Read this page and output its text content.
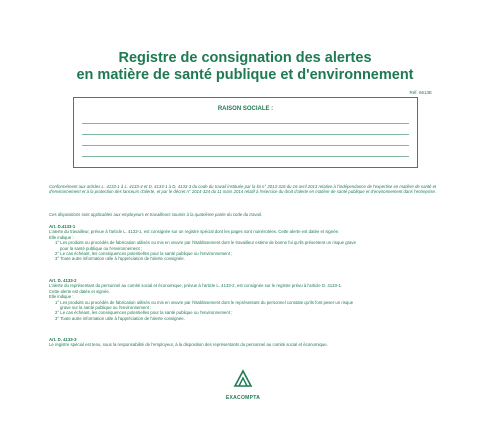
Registre de consignation des alertes
en matière de santé publique et d'environnement
Réf. 6613E
RAISON SOCIALE :
Conformément aux articles L. 4133-1 à L. 4133-4 et D. 4133-1 à D. 4133-3 du code du travail instituée par la loi n° 2013-316 du 16 avril 2013 relative à l'indépendance de l'expertise en matière de santé et d'environnement et à la protection des lanceurs d'alerte, et par le décret n° 2014-324 du 11 mars 2014 relatif à l'exercice du droit d'alerte en matière de santé publique et d'environnement dans l'entreprise.
Ces dispositions sont applicables aux employeurs et travailleurs soumis à la quatrième partie du code du travail.
Art. D.4133-1
L'alerte du travailleur, prévue à l'article L. 4133-1, est consignée sur un registre spécial dont les pages sont numérotées. Cette alerte est datée et signée.
Elle indique :
1° Les produits ou procédés de fabrication utilisés ou mis en œuvre par l'établissement dont le travailleur estime de bonne foi qu'ils présentent un risque grave
pour la santé publique ou l'environnement ;
2° Le cas échéant, les conséquences potentielles pour la santé publique ou l'environnement ;
3° Toute autre information utile à l'appréciation de l'alerte consignée.
Art. D. 4133-2
L'alerte du représentant du personnel au comité social et économique, prévue à l'article L. 4133-2, est consignée sur le registre prévu à l'article D. 4133-1.
Cette alerte est datée et signée.
Elle indique :
1° Les produits ou procédés de fabrication utilisés ou mis en œuvre par l'établissement dont le représentant du personnel constate qu'ils font peser un risque
grave sur la santé publique ou l'environnement ;
2° Le cas échéant, les conséquences potentielles pour la santé publique ou l'environnement ;
3° Toute autre information utile à l'appréciation de l'alerte consignée.
Art. D. 4133-3
Le registre spécial est tenu, sous la responsabilité de l'employeur, à la disposition des représentants du personnel au comité social et économique.
EXACOMPTA
